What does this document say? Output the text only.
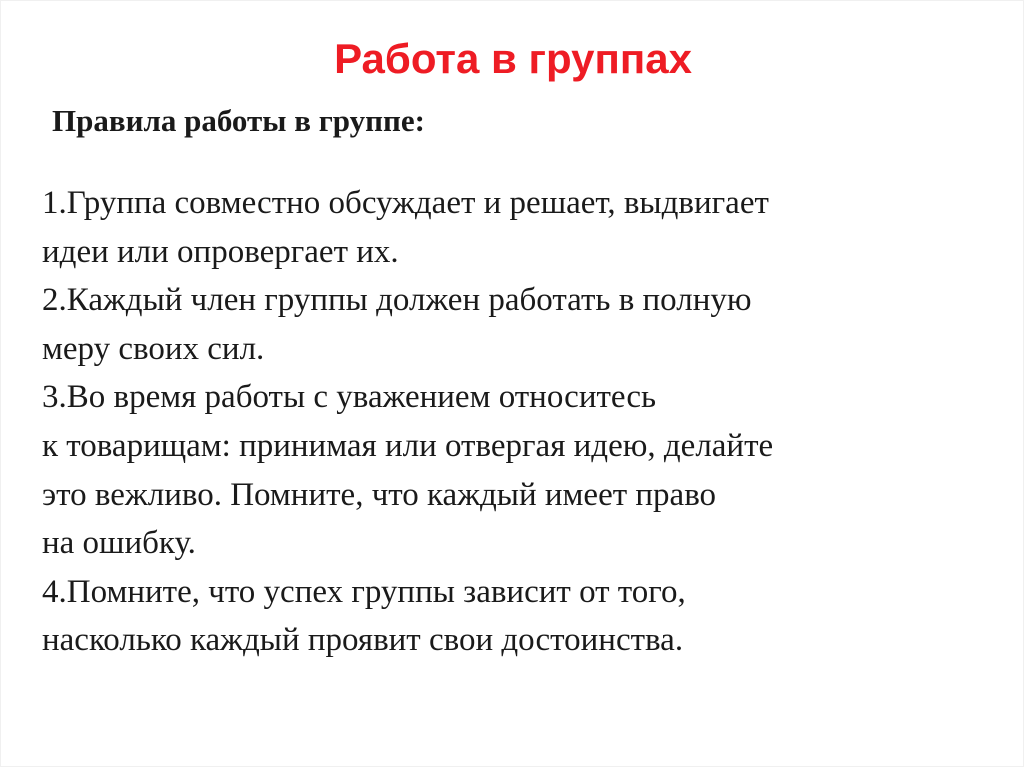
Работа в группах
Правила работы в группе:
1.Группа совместно обсуждает и решает, выдвигает
идеи или опровергает их.
2.Каждый член группы должен работать в полную
меру своих сил.
3.Во время работы с уважением относитесь
к товарищам: принимая или отвергая идею, делайте
это вежливо. Помните, что каждый имеет право
на ошибку.
4.Помните, что успех группы зависит от того,
насколько каждый проявит свои достоинства.
